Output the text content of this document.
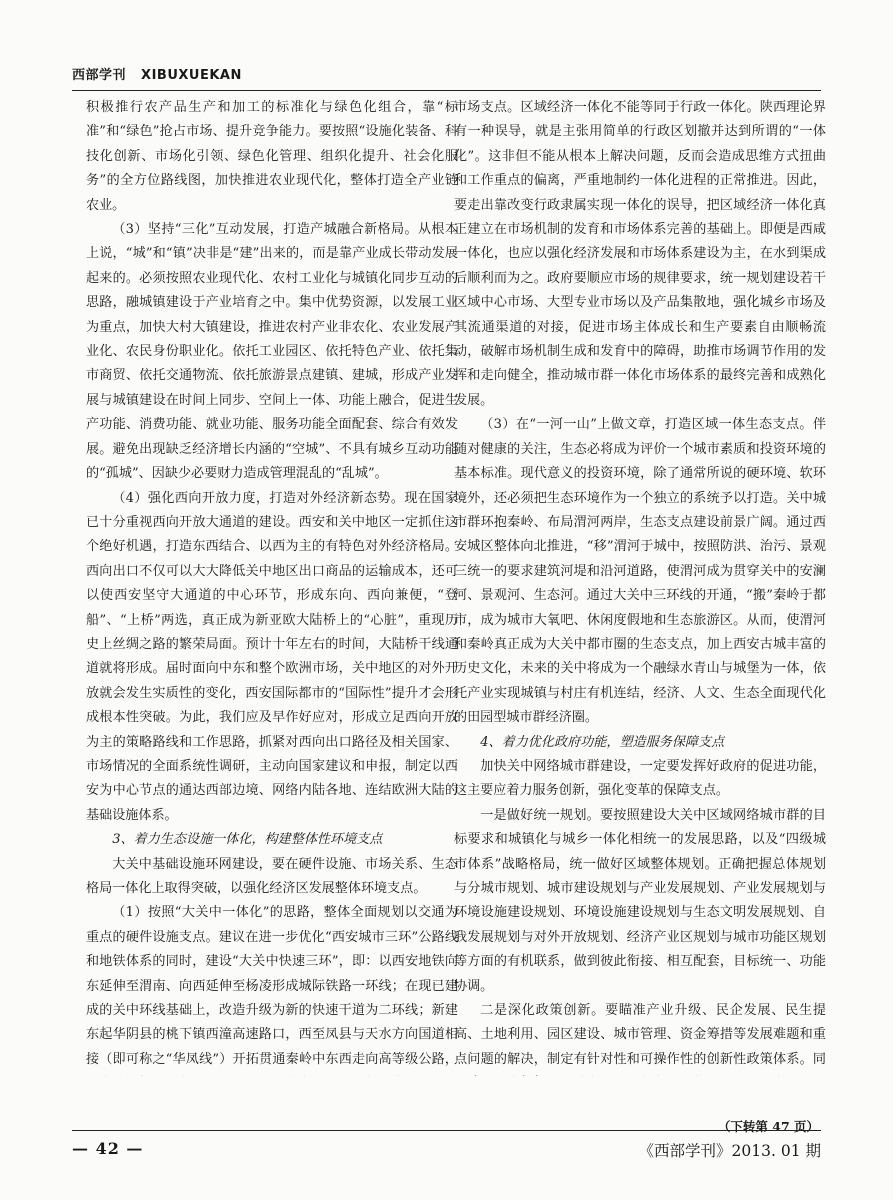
西部学刊 XIBUXUEKAN

积极推行农产品生产和加工的标准化与绿色化组合，靠“标准”和“绿色”抢占市场、提升竞争能力。要按照“设施化装备、科技化创新、市场化引领、绿色化管理、组织化提升、社会化服务”的全方位路线图，加快推进农业现代化，整体打造全产业链农业。

（3）坚持“三化”互动发展，打造产城融合新格局。从根本上说，“城”和“镇”决非是“建”出来的，而是靠产业成长带动发展起来的。必须按照农业现代化、农村工业化与城镇化同步互动的思路，融城镇建设于产业培育之中。集中优势资源，以发展工业为重点，加快大村大镇建设，推进农村产业非农化、农业发展产业化、农民身份职业化。依托工业园区、依托特色产业、依托集市商贸、依托交通物流、依托旅游景点建镇、建城，形成产业发展与城镇建设在时间上同步、空间上一体、功能上融合，促进生产功能、消费功能、就业功能、服务功能全面配套、综合有效发展。避免出现缺乏经济增长内涵的“空城”、不具有城乡互动功能的“孤城”、因缺少必要财力造成管理混乱的“乱城”。

（4）强化西向开放力度，打造对外经济新态势。现在国家已十分重视西向开放大通道的建设。西安和关中地区一定抓住这个绝好机遇，打造东西结合、以西为主的有特色对外经济格局。西向出口不仅可以大大降低关中地区出口商品的运输成本，还可以使西安坚守大通道的中心环节，形成东向、西向兼便，“登船”、“上桥”两选，真正成为新亚欧大陆桥上的“心脏”，重现历史上丝绸之路的繁荣局面。预计十年左右的时间，大陆桥干线通道就将形成。届时面向中东和整个欧洲市场，关中地区的对外开放就会发生实质性的变化，西安国际都市的“国际性”提升才会形成根本性突破。为此，我们应及早作好应对，形成立足西向开放为主的策略路线和工作思路，抓紧对西向出口路径及相关国家、市场情况的全面系统性调研，主动向国家建议和申报，制定以西安为中心节点的通达西部边境、网络内陆各地、连结欧洲大陆的基础设施体系。

3、着力生态设施一体化，构建整体性环境支点

大关中基础设施环网建设，要在硬件设施、市场关系、生态格局一体化上取得突破，以强化经济区发展整体环境支点。

（1）按照“大关中一体化”的思路，整体全面规划以交通为重点的硬件设施支点。建议在进一步优化“西安城市三环”公路线和地铁体系的同时，建设“大关中快速三环”，即：以西安地铁向东延伸至渭南、向西延伸至杨凌形成城际铁路一环线；在现已建成的关中环线基础上，改造升级为新的快速干道为二环线；新建东起华阴县的桃下镇西潼高速路口，西至凤县与天水方向国道相接（即可称之“华凤线”）开拓贯通秦岭中东西走向高等级公路，

市场支点。区域经济一体化不能等同于行政一体化。陕西理论界有一种误导，就是主张用简单的行政区划撤并达到所谓的“一体化”。这非但不能从根本上解决问题，反而会造成思维方式扭曲和工作重点的偏离，严重地制约一体化进程的正常推进。因此，要走出靠改变行政隶属实现一体化的误导，把区域经济一体化真正建立在市场机制的发育和市场体系完善的基础上。即便是西咸一体化，也应以强化经济发展和市场体系建设为主，在水到渠成后顺利而为之。政府要顺应市场的规律要求，统一规划建设若干区域中心市场、大型专业市场以及产品集散地，强化城乡市场及其流通渠道的对接，促进市场主体成长和生产要素自由顺畅流动，破解市场机制生成和发育中的障碍，助推市场调节作用的发挥和走向健全，推动城市群一体化市场体系的最终完善和成熟化发展。

（3）在“一河一山”上做文章，打造区域一体生态支点。伴随对健康的关注，生态必将成为评价一个城市素质和投资环境的基本标准。现代意义的投资环境，除了通常所说的硬环境、软环境外，还必须把生态环境作为一个独立的系统予以打造。关中城市群环抱秦岭、布局渭河两岸，生态支点建设前景广阔。通过西安城区整体向北推进，“移”渭河于城中，按照防洪、治污、景观三统一的要求建筑河堤和沿河道路，使渭河成为贯穿关中的安澜河、景观河、生态河。通过大关中三环线的开通，“搬”秦岭于都市，成为城市大氧吧、休闲度假地和生态旅游区。从而，使渭河和秦岭真正成为大关中都市圈的生态支点，加上西安古城丰富的历史文化，未来的关中将成为一个融绿水青山与城堡为一体，依托产业实现城镇与村庄有机连结，经济、人文、生态全面现代化的田园型城市群经济圈。

4、着力优化政府功能，塑造服务保障支点

加快关中网络城市群建设，一定要发挥好政府的促进功能，这主要应着力服务创新，强化变革的保障支点。

一是做好统一规划。要按照建设大关中区域网络城市群的目标要求和城镇化与城乡一体化相统一的发展思路，以及“四级城市体系”战略格局，统一做好区域整体规划。正确把握总体规划与分城市规划、城市建设规划与产业发展规划、产业发展规划与环境设施建设规划、环境设施建设规划与生态文明发展规划、自我发展规划与对外开放规划、经济产业区规划与城市功能区规划等方面的有机联系，做到彼此衔接、相互配套，目标统一、功能协调。

二是深化政策创新。要瞄准产业升级、民企发展、民生提高、土地利用、园区建设、城市管理、资金筹措等发展难题和重点问题的解决，制定有针对性和可操作性的创新性政策体系。同

（下转第 47 页）
— 42 —	《西部学刊》2013. 01 期
